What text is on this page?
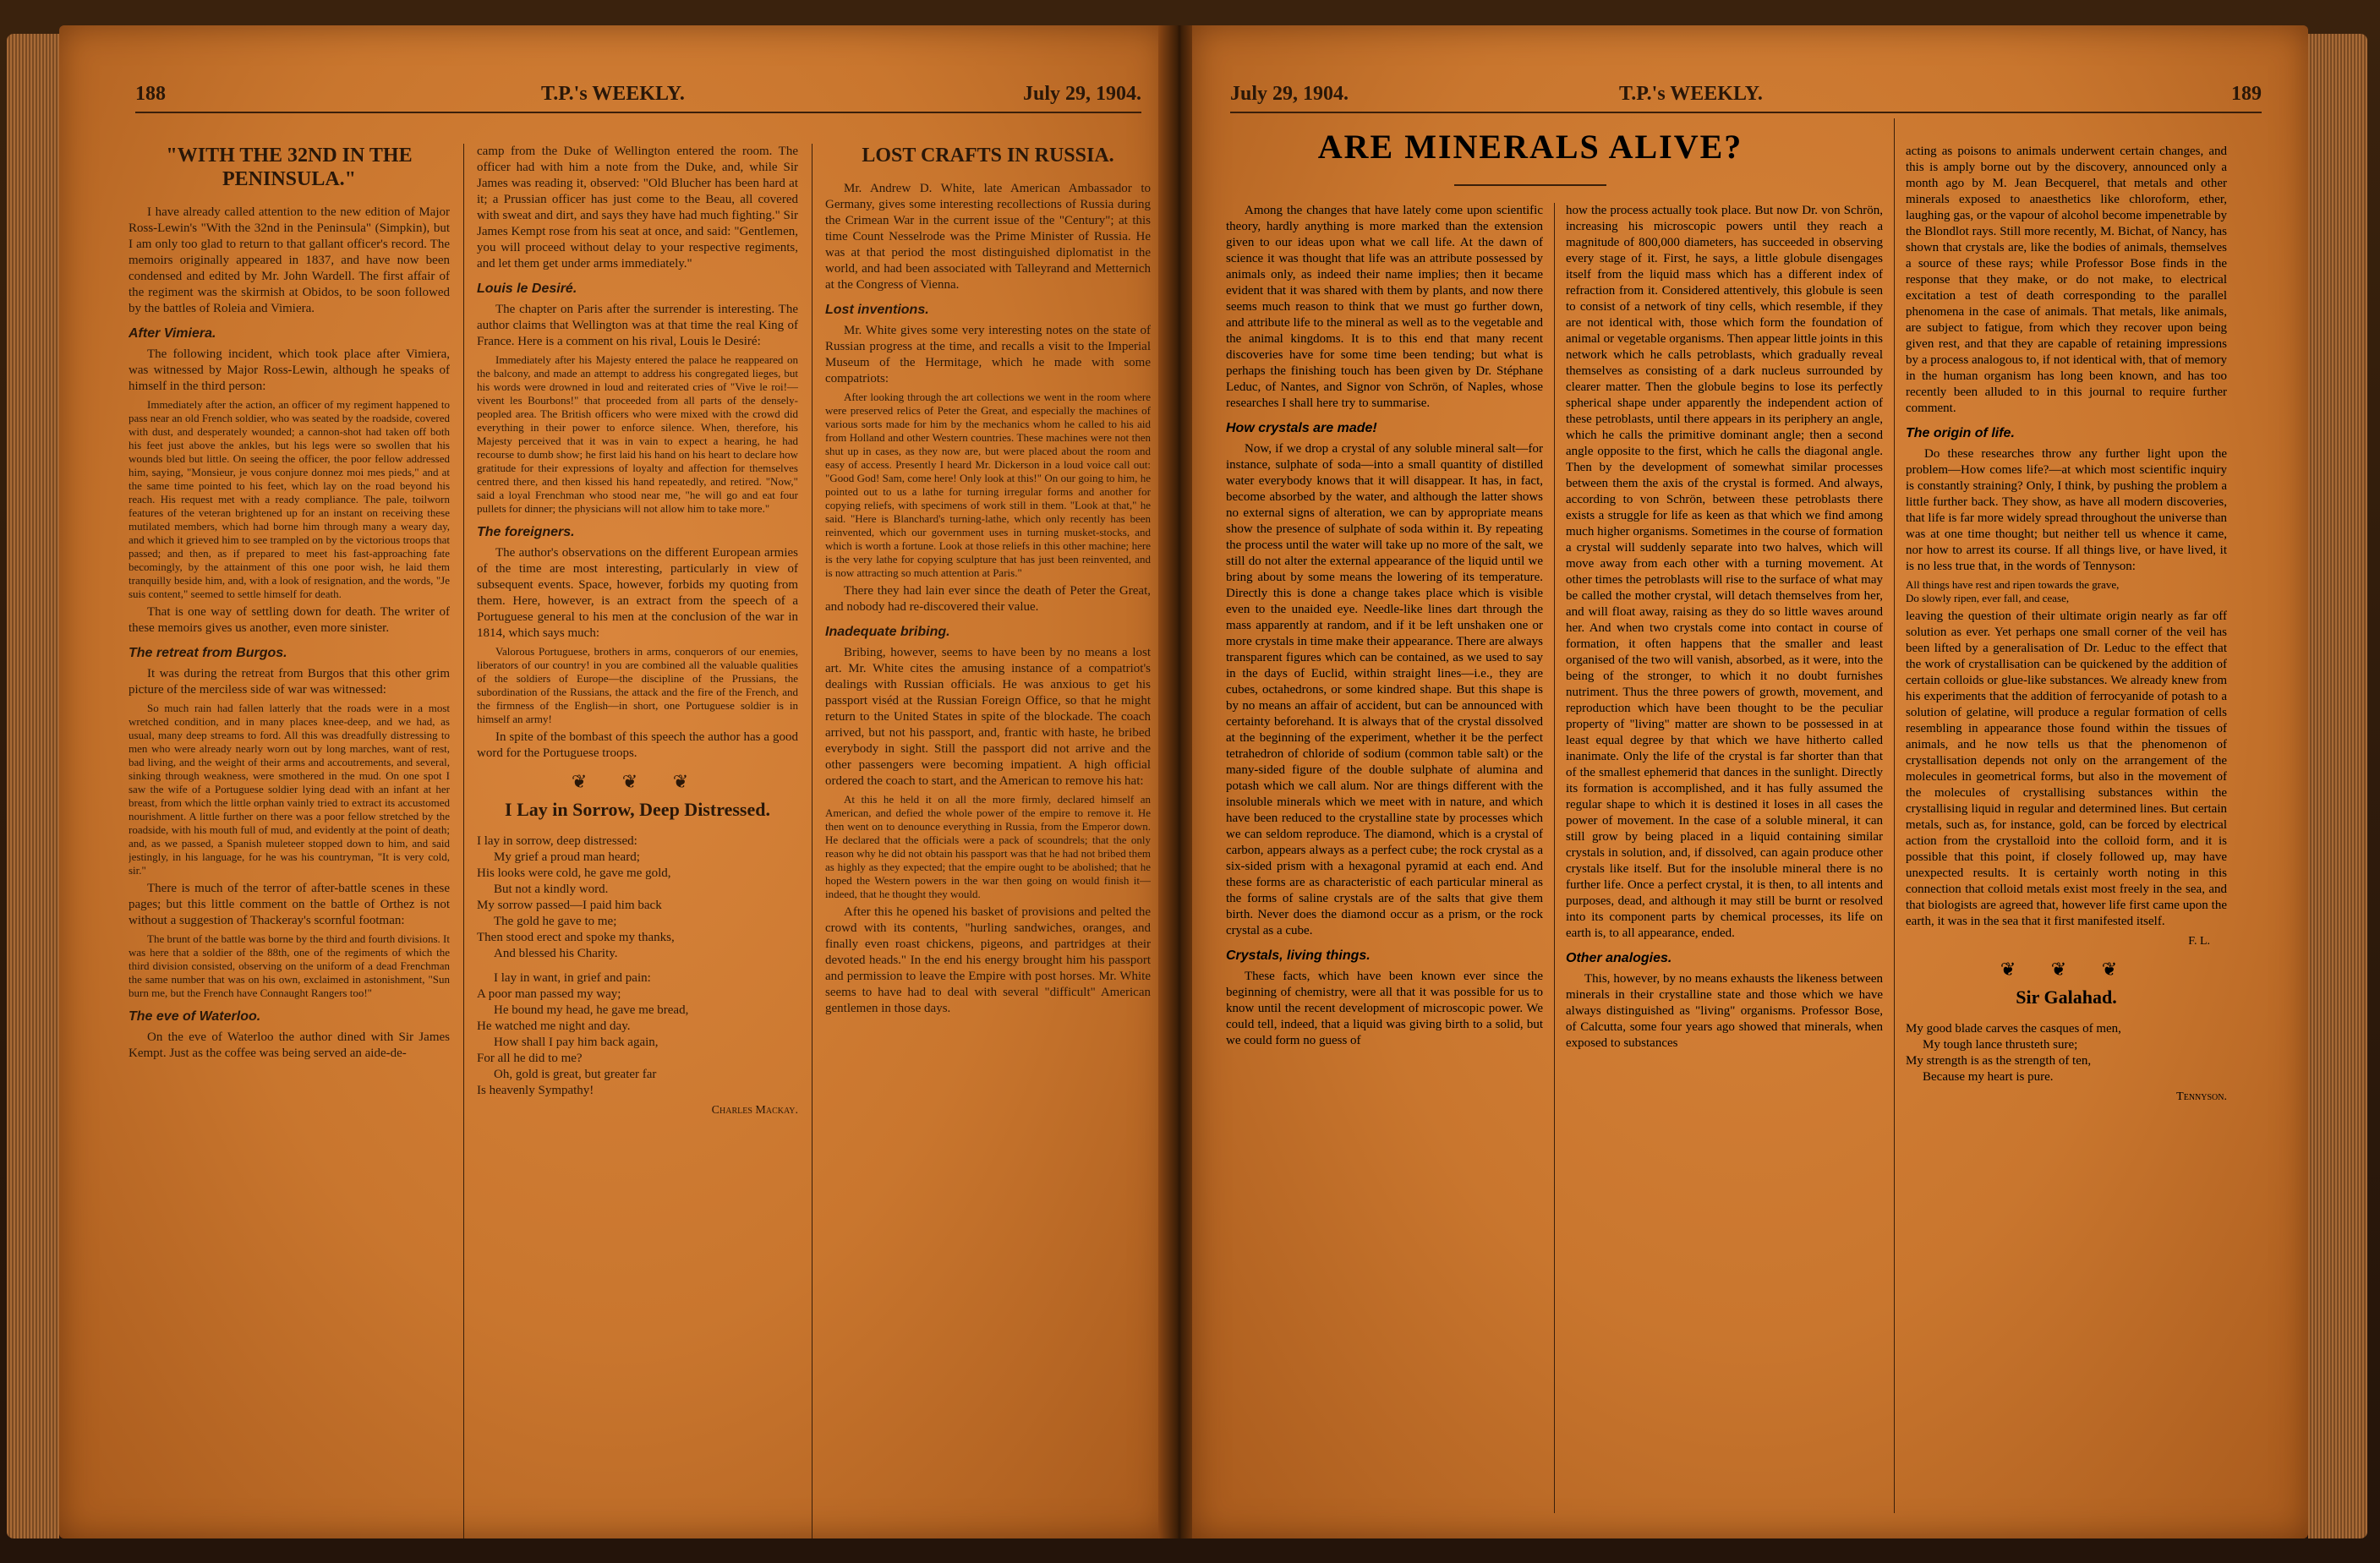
188	T.P.'s WEEKLY.	July 29, 1904.
"WITH THE 32ND IN THE PENINSULA."

I have already called attention to the new edition of Major Ross-Lewin's "With the 32nd in the Peninsula" (Simpkin), but I am only too glad to return to that gallant officer's record. The memoirs originally appeared in 1837, and have now been condensed and edited by Mr. John Wardell. The first affair of the regiment was the skirmish at Obidos, to be soon followed by the battles of Roleia and Vimiera.

After Vimiera.

The following incident, which took place after Vimiera, was witnessed by Major Ross-Lewin, although he speaks of himself in the third person:

Immediately after the action, an officer of my regiment happened to pass near an old French soldier, who was seated by the roadside, covered with dust, and desperately wounded; a cannon-shot had taken off both his feet just above the ankles, but his legs were so swollen that his wounds bled but little. On seeing the officer, the poor fellow addressed him, saying, "Monsieur, je vous conjure donnez moi mes pieds," and at the same time pointed to his feet, which lay on the road beyond his reach. His request met with a ready compliance. The pale, toilworn features of the veteran brightened up for an instant on receiving these mutilated members, which had borne him through many a weary day, and which it grieved him to see trampled on by the victorious troops that passed; and then, as if prepared to meet his fast-approaching fate becomingly, by the attainment of this one poor wish, he laid them tranquilly beside him, and, with a look of resignation, and the words, "Je suis content," seemed to settle himself for death.

That is one way of settling down for death. The writer of these memoirs gives us another, even more sinister.

The retreat from Burgos.

It was during the retreat from Burgos that this other grim picture of the merciless side of war was witnessed:

So much rain had fallen latterly that the roads were in a most wretched condition, and in many places knee-deep, and we had, as usual, many deep streams to ford. All this was dreadfully distressing to men who were already nearly worn out by long marches, want of rest, bad living, and the weight of their arms and accoutrements, and several, sinking through weakness, were smothered in the mud. On one spot I saw the wife of a Portuguese soldier lying dead with an infant at her breast, from which the little orphan vainly tried to extract its accustomed nourishment. A little further on there was a poor fellow stretched by the roadside, with his mouth full of mud, and evidently at the point of death; and, as we passed, a Spanish muleteer stopped down to him, and said jestingly, in his language, for he was his countryman, "It is very cold, sir."

There is much of the terror of after-battle scenes in these pages; but this little comment on the battle of Orthez is not without a suggestion of Thackeray's scornful footman:

The brunt of the battle was borne by the third and fourth divisions. It was here that a soldier of the 88th, one of the regiments of which the third division consisted, observing on the uniform of a dead Frenchman the same number that was on his own, exclaimed in astonishment, "Sun burn me, but the French have Connaught Rangers too!"

The eve of Waterloo.

On the eve of Waterloo the author dined with Sir James Kempt. Just as the coffee was being served an aide-de-

camp from the Duke of Wellington entered the room. The officer had with him a note from the Duke, and, while Sir James was reading it, observed: "Old Blucher has been hard at it; a Prussian officer has just come to the Beau, all covered with sweat and dirt, and says they have had much fighting." Sir James Kempt rose from his seat at once, and said: "Gentlemen, you will proceed without delay to your respective regiments, and let them get under arms immediately."

Louis le Desiré.

The chapter on Paris after the surrender is interesting. The author claims that Wellington was at that time the real King of France. Here is a comment on his rival, Louis le Desiré:

Immediately after his Majesty entered the palace he reappeared on the balcony, and made an attempt to address his congregated lieges, but his words were drowned in loud and reiterated cries of "Vive le roi!—vivent les Bourbons!" that proceeded from all parts of the densely-peopled area. The British officers who were mixed with the crowd did everything in their power to enforce silence. When, therefore, his Majesty perceived that it was in vain to expect a hearing, he had recourse to dumb show; he first laid his hand on his heart to declare how gratitude for their expressions of loyalty and affection for themselves centred there, and then kissed his hand repeatedly, and retired. "Now," said a loyal Frenchman who stood near me, "he will go and eat four pullets for dinner; the physicians will not allow him to take more."

The foreigners.

The author's observations on the different European armies of the time are most interesting, particularly in view of subsequent events. Space, however, forbids my quoting from them. Here, however, is an extract from the speech of a Portuguese general to his men at the conclusion of the war in 1814, which says much:

Valorous Portuguese, brothers in arms, conquerors of our enemies, liberators of our country! in you are combined all the valuable qualities of the soldiers of Europe—the discipline of the Prussians, the subordination of the Russians, the attack and the fire of the French, and the firmness of the English—in short, one Portuguese soldier is in himself an army!

In spite of the bombast of this speech the author has a good word for the Portuguese troops.

❦ ❦ ❦
I Lay in Sorrow, Deep Distressed.
I lay in sorrow, deep distressed:
My grief a proud man heard;
His looks were cold, he gave me gold,
But not a kindly word.
My sorrow passed—I paid him back
The gold he gave to me;
Then stood erect and spoke my thanks,
And blessed his Charity.
I lay in want, in grief and pain:
A poor man passed my way;
He bound my head, he gave me bread,
He watched me night and day.
How shall I pay him back again,
For all he did to me?
Oh, gold is great, but greater far
Is heavenly Sympathy!
Charles Mackay.
LOST CRAFTS IN RUSSIA.

Mr. Andrew D. White, late American Ambassador to Germany, gives some interesting recollections of Russia during the Crimean War in the current issue of the "Century"; at this time Count Nesselrode was the Prime Minister of Russia. He was at that period the most distinguished diplomatist in the world, and had been associated with Talleyrand and Metternich at the Congress of Vienna.

Lost inventions.

Mr. White gives some very interesting notes on the state of Russian progress at the time, and recalls a visit to the Imperial Museum of the Hermitage, which he made with some compatriots:

After looking through the art collections we went in the room where were preserved relics of Peter the Great, and especially the machines of various sorts made for him by the mechanics whom he called to his aid from Holland and other Western countries. These machines were not then shut up in cases, as they now are, but were placed about the room and easy of access. Presently I heard Mr. Dickerson in a loud voice call out: "Good God! Sam, come here! Only look at this!" On our going to him, he pointed out to us a lathe for turning irregular forms and another for copying reliefs, with specimens of work still in them. "Look at that," he said. "Here is Blanchard's turning-lathe, which only recently has been reinvented, which our government uses in turning musket-stocks, and which is worth a fortune. Look at those reliefs in this other machine; here is the very lathe for copying sculpture that has just been reinvented, and is now attracting so much attention at Paris."

There they had lain ever since the death of Peter the Great, and nobody had re-discovered their value.

Inadequate bribing.

Bribing, however, seems to have been by no means a lost art. Mr. White cites the amusing instance of a compatriot's dealings with Russian officials. He was anxious to get his passport viséd at the Russian Foreign Office, so that he might return to the United States in spite of the blockade. The coach arrived, but not his passport, and, frantic with haste, he bribed everybody in sight. Still the passport did not arrive and the other passengers were becoming impatient. A high official ordered the coach to start, and the American to remove his hat:

At this he held it on all the more firmly, declared himself an American, and defied the whole power of the empire to remove it. He then went on to denounce everything in Russia, from the Emperor down. He declared that the officials were a pack of scoundrels; that the only reason why he did not obtain his passport was that he had not bribed them as highly as they expected; that the empire ought to be abolished; that he hoped the Western powers in the war then going on would finish it—indeed, that he thought they would.

After this he opened his basket of provisions and pelted the crowd with its contents, "hurling sandwiches, oranges, and finally even roast chickens, pigeons, and partridges at their devoted heads." In the end his energy brought him his passport and permission to leave the Empire with post horses. Mr. White seems to have had to deal with several "difficult" American gentlemen in those days.

July 29, 1904.	T.P.'s WEEKLY.	189
ARE MINERALS ALIVE?

Among the changes that have lately come upon scientific theory, hardly anything is more marked than the extension given to our ideas upon what we call life. At the dawn of science it was thought that life was an attribute possessed by animals only, as indeed their name implies; then it became evident that it was shared with them by plants, and now there seems much reason to think that we must go further down, and attribute life to the mineral as well as to the vegetable and the animal kingdoms. It is to this end that many recent discoveries have for some time been tending; but what is perhaps the finishing touch has been given by Dr. Stéphane Leduc, of Nantes, and Signor von Schrön, of Naples, whose researches I shall here try to summarise.

How crystals are made!

Now, if we drop a crystal of any soluble mineral salt—for instance, sulphate of soda—into a small quantity of distilled water everybody knows that it will disappear. It has, in fact, become absorbed by the water, and although the latter shows no external signs of alteration, we can by appropriate means show the presence of sulphate of soda within it. By repeating the process until the water will take up no more of the salt, we still do not alter the external appearance of the liquid until we bring about by some means the lowering of its temperature. Directly this is done a change takes place which is visible even to the unaided eye. Needle-like lines dart through the mass apparently at random, and if it be left unshaken one or more crystals in time make their appearance. There are always transparent figures which can be contained, as we used to say in the days of Euclid, within straight lines—i.e., they are cubes, octahedrons, or some kindred shape. But this shape is by no means an affair of accident, but can be announced with certainty beforehand. It is always that of the crystal dissolved at the beginning of the experiment, whether it be the perfect tetrahedron of chloride of sodium (common table salt) or the many-sided figure of the double sulphate of alumina and potash which we call alum. Nor are things different with the insoluble minerals which we meet with in nature, and which have been reduced to the crystalline state by processes which we can seldom reproduce. The diamond, which is a crystal of carbon, appears always as a perfect cube; the rock crystal as a six-sided prism with a hexagonal pyramid at each end. And these forms are as characteristic of each particular mineral as the forms of saline crystals are of the salts that give them birth. Never does the diamond occur as a prism, or the rock crystal as a cube.

Crystals, living things.

These facts, which have been known ever since the beginning of chemistry, were all that it was possible for us to know until the recent development of microscopic power. We could tell, indeed, that a liquid was giving birth to a solid, but we could form no guess of

how the process actually took place. But now Dr. von Schrön, increasing his microscopic powers until they reach a magnitude of 800,000 diameters, has succeeded in observing every stage of it. First, he says, a little globule disengages itself from the liquid mass which has a different index of refraction from it. Considered attentively, this globule is seen to consist of a network of tiny cells, which resemble, if they are not identical with, those which form the foundation of animal or vegetable organisms. Then appear little joints in this network which he calls petroblasts, which gradually reveal themselves as consisting of a dark nucleus surrounded by clearer matter. Then the globule begins to lose its perfectly spherical shape under apparently the independent action of these petroblasts, until there appears in its periphery an angle, which he calls the primitive dominant angle; then a second angle opposite to the first, which he calls the diagonal angle. Then by the development of somewhat similar processes between them the axis of the crystal is formed. And always, according to von Schrön, between these petroblasts there exists a struggle for life as keen as that which we find among much higher organisms. Sometimes in the course of formation a crystal will suddenly separate into two halves, which will move away from each other with a turning movement. At other times the petroblasts will rise to the surface of what may be called the mother crystal, will detach themselves from her, and will float away, raising as they do so little waves around her. And when two crystals come into contact in course of formation, it often happens that the smaller and least organised of the two will vanish, absorbed, as it were, into the being of the stronger, to which it no doubt furnishes nutriment. Thus the three powers of growth, movement, and reproduction which have been thought to be the peculiar property of "living" matter are shown to be possessed in at least equal degree by that which we have hitherto called inanimate. Only the life of the crystal is far shorter than that of the smallest ephemerid that dances in the sunlight. Directly its formation is accomplished, and it has fully assumed the regular shape to which it is destined it loses in all cases the power of movement. In the case of a soluble mineral, it can still grow by being placed in a liquid containing similar crystals in solution, and, if dissolved, can again produce other crystals like itself. But for the insoluble mineral there is no further life. Once a perfect crystal, it is then, to all intents and purposes, dead, and although it may still be burnt or resolved into its component parts by chemical processes, its life on earth is, to all appearance, ended.

Other analogies.

This, however, by no means exhausts the likeness between minerals in their crystalline state and those which we have always distinguished as "living" organisms. Professor Bose, of Calcutta, some four years ago showed that minerals, when exposed to substances

acting as poisons to animals underwent certain changes, and this is amply borne out by the discovery, announced only a month ago by M. Jean Becquerel, that metals and other minerals exposed to anaesthetics like chloroform, ether, laughing gas, or the vapour of alcohol become impenetrable by the Blondlot rays. Still more recently, M. Bichat, of Nancy, has shown that crystals are, like the bodies of animals, themselves a source of these rays; while Professor Bose finds in the response that they make, or do not make, to electrical excitation a test of death corresponding to the parallel phenomena in the case of animals. That metals, like animals, are subject to fatigue, from which they recover upon being given rest, and that they are capable of retaining impressions by a process analogous to, if not identical with, that of memory in the human organism has long been known, and has too recently been alluded to in this journal to require further comment.

The origin of life.

Do these researches throw any further light upon the problem—How comes life?—at which most scientific inquiry is constantly straining? Only, I think, by pushing the problem a little further back. They show, as have all modern discoveries, that life is far more widely spread throughout the universe than was at one time thought; but neither tell us whence it came, nor how to arrest its course. If all things live, or have lived, it is no less true that, in the words of Tennyson:

All things have rest and ripen towards the grave,
Do slowly ripen, ever fall, and cease,

leaving the question of their ultimate origin nearly as far off solution as ever. Yet perhaps one small corner of the veil has been lifted by a generalisation of Dr. Leduc to the effect that the work of crystallisation can be quickened by the addition of certain colloids or glue-like substances. We already knew from his experiments that the addition of ferrocyanide of potash to a solution of gelatine, will produce a regular formation of cells resembling in appearance those found within the tissues of animals, and he now tells us that the phenomenon of crystallisation depends not only on the arrangement of the molecules in geometrical forms, but also in the movement of the molecules of crystallising substances within the crystallising liquid in regular and determined lines. But certain metals, such as, for instance, gold, can be forced by electrical action from the crystalloid into the colloid form, and it is possible that this point, if closely followed up, may have unexpected results. It is certainly worth noting in this connection that colloid metals exist most freely in the sea, and that biologists are agreed that, however life first came upon the earth, it was in the sea that it first manifested itself.

F. L.
❦ ❦ ❦
Sir Galahad.
My good blade carves the casques of men,
My tough lance thrusteth sure;
My strength is as the strength of ten,
Because my heart is pure.
Tennyson.
